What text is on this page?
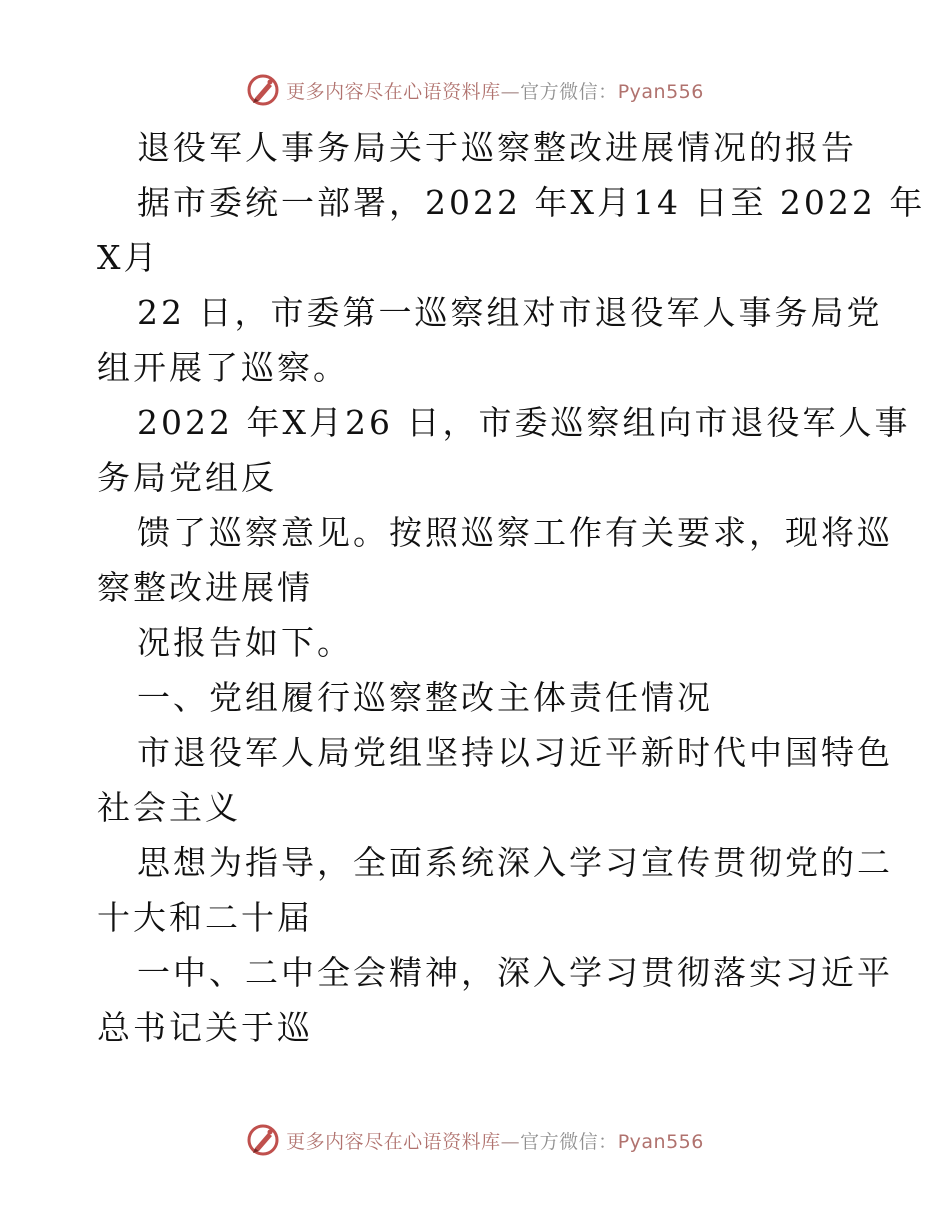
更多内容尽在心语资料库—官方微信：Pyan556
退役军人事务局关于巡察整改进展情况的报告
据市委统一部署，2022 年X月14 日至 2022 年
X月
22 日，市委第一巡察组对市退役军人事务局党
组开展了巡察。
2022 年X月26 日，市委巡察组向市退役军人事
务局党组反
馈了巡察意见。按照巡察工作有关要求，现将巡
察整改进展情
况报告如下。
一、党组履行巡察整改主体责任情况
市退役军人局党组坚持以习近平新时代中国特色
社会主义
思想为指导，全面系统深入学习宣传贯彻党的二
十大和二十届
一中、二中全会精神，深入学习贯彻落实习近平
总书记关于巡
更多内容尽在心语资料库—官方微信：Pyan556
